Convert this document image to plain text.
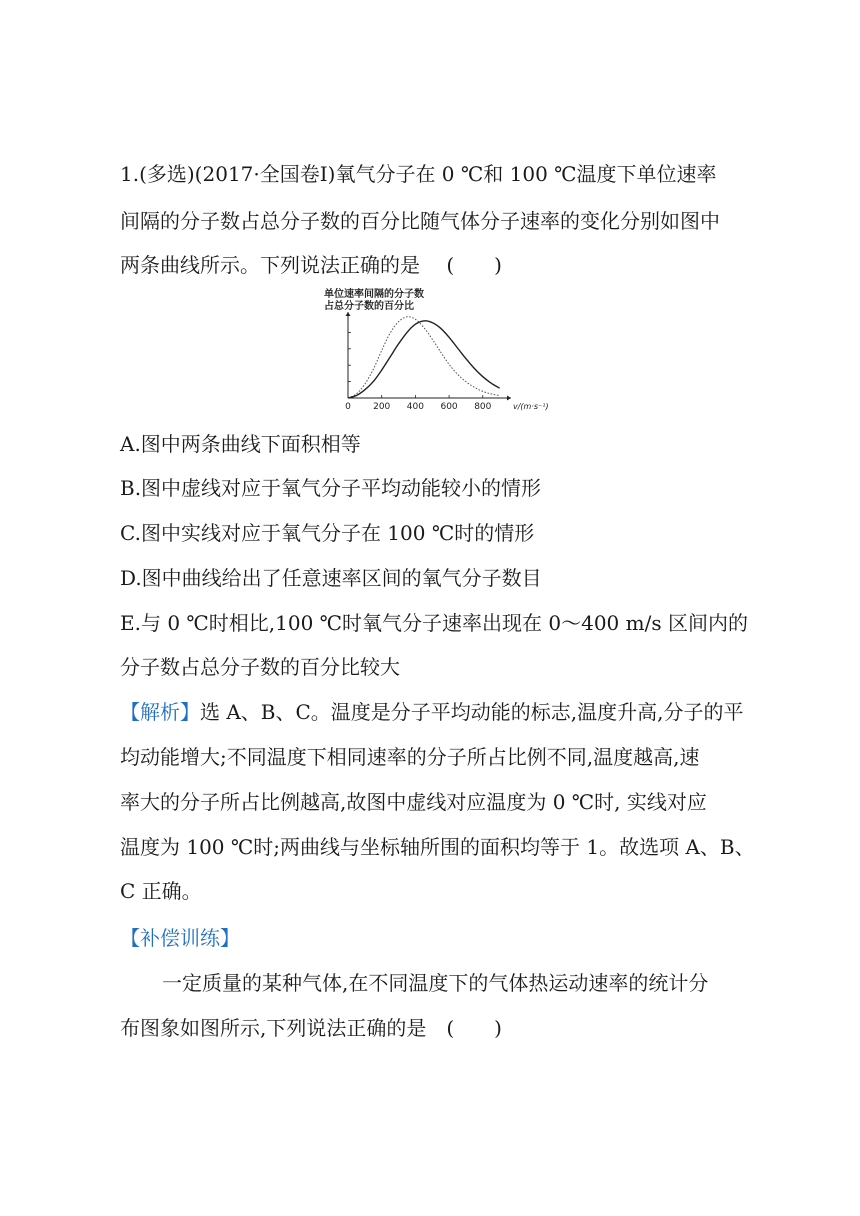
1.(多选)(2017·全国卷Ⅰ)氧气分子在 0 ℃和 100 ℃温度下单位速率
间隔的分子数占总分子数的百分比随气体分子速率的变化分别如图中
两条曲线所示。下列说法正确的是　 (　　)
0 200 400 600 800	v/(m·s⁻¹)
单位速率间隔的分子数
占总分子数的百分比
A.图中两条曲线下面积相等
B.图中虚线对应于氧气分子平均动能较小的情形
C.图中实线对应于氧气分子在 100 ℃时的情形
D.图中曲线给出了任意速率区间的氧气分子数目
E.与 0 ℃时相比,100 ℃时氧气分子速率出现在 0～400 m/s 区间内的
分子数占总分子数的百分比较大
【解析】选 A、B、C。温度是分子平均动能的标志,温度升高,分子的平
均动能增大;不同温度下相同速率的分子所占比例不同,温度越高,速
率大的分子所占比例越高,故图中虚线对应温度为 0 ℃时, 实线对应
温度为 100 ℃时;两曲线与坐标轴所围的面积均等于 1。故选项 A、B、
C 正确。
【补偿训练】
一定质量的某种气体,在不同温度下的气体热运动速率的统计分
布图象如图所示,下列说法正确的是　(　　)
